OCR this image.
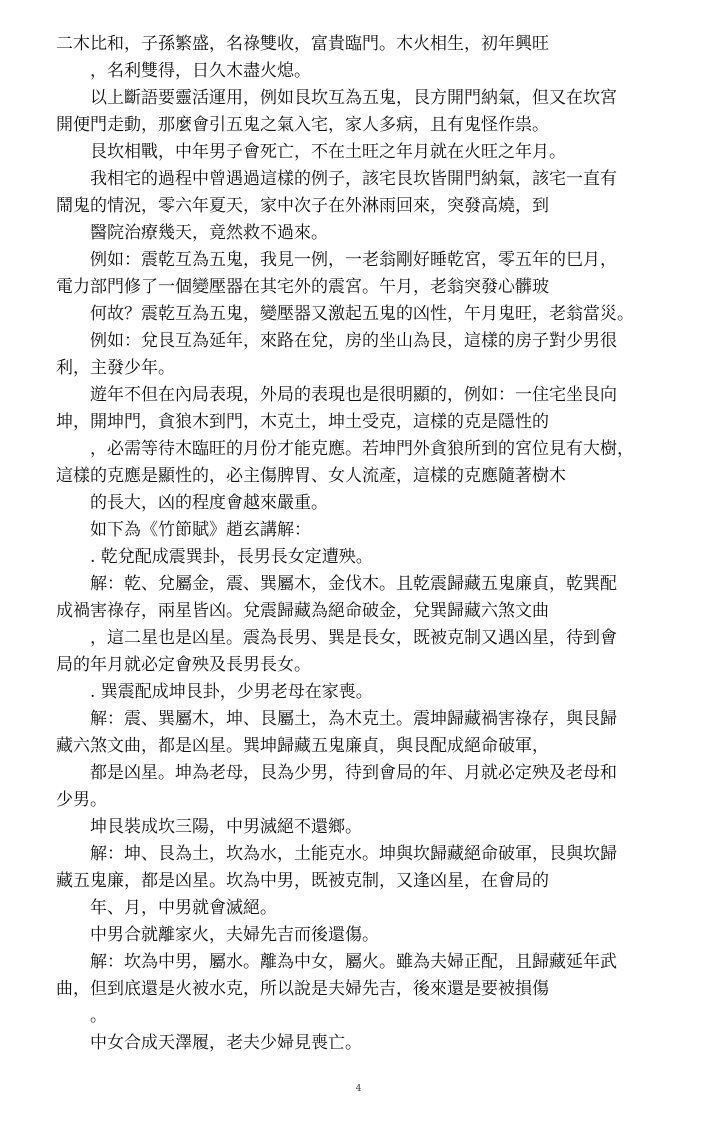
二木比和，子孫繁盛，名祿雙收，富貴臨門。木火相生，初年興旺
，名利雙得，日久木盡火熄。
以上斷語要靈活運用，例如艮坎互為五鬼，艮方開門納氣，但又在坎宮
開便門走動，那麼會引五鬼之氣入宅，家人多病，且有鬼怪作祟。
艮坎相戰，中年男子會死亡，不在土旺之年月就在火旺之年月。
我相宅的過程中曾遇過這樣的例子，該宅艮坎皆開門納氣，該宅一直有
鬧鬼的情況，零六年夏天，家中次子在外淋雨回來，突發高燒，到
醫院治療幾天，竟然救不過來。
例如：震乾互為五鬼，我見一例，一老翁剛好睡乾宮，零五年的巳月，
電力部門修了一個變壓器在其宅外的震宮。午月，老翁突發心髒玻
何故？震乾互為五鬼，變壓器又激起五鬼的凶性，午月鬼旺，老翁當災。
例如：兌艮互為延年，來路在兌，房的坐山為艮，這樣的房子對少男很
利，主發少年。
遊年不但在內局表現，外局的表現也是很明顯的，例如：一住宅坐艮向
坤，開坤門，貪狼木到門，木克土，坤土受克，這樣的克是隱性的
，必需等待木臨旺的月份才能克應。若坤門外貪狼所到的宮位見有大樹，
這樣的克應是顯性的，必主傷脾胃、女人流產，這樣的克應隨著樹木
的長大，凶的程度會越來嚴重。
如下為《竹節賦》趙玄講解：
. 乾兌配成震巽卦，長男長女定遭殃。
解：乾、兌屬金，震、巽屬木，金伐木。且乾震歸藏五鬼廉貞，乾巽配
成禍害祿存，兩星皆凶。兌震歸藏為絕命破金，兌巽歸藏六煞文曲
，這二星也是凶星。震為長男、巽是長女，既被克制又遇凶星，待到會
局的年月就必定會殃及長男長女。
. 巽震配成坤艮卦，少男老母在家喪。
解：震、巽屬木，坤、艮屬土，為木克土。震坤歸藏禍害祿存，與艮歸
藏六煞文曲，都是凶星。巽坤歸藏五鬼廉貞，與艮配成絕命破軍，
都是凶星。坤為老母，艮為少男，待到會局的年、月就必定殃及老母和
少男。
坤艮裝成坎三陽，中男滅絕不還鄉。
解：坤、艮為土，坎為水，土能克水。坤與坎歸藏絕命破軍，艮與坎歸
藏五鬼廉，都是凶星。坎為中男，既被克制，又逢凶星，在會局的
年、月，中男就會滅絕。
中男合就離家火，夫婦先吉而後還傷。
解：坎為中男，屬水。離為中女，屬火。雖為夫婦正配，且歸藏延年武
曲，但到底還是火被水克，所以說是夫婦先吉，後來還是要被損傷
。
中女合成天澤履，老夫少婦見喪亡。
4
